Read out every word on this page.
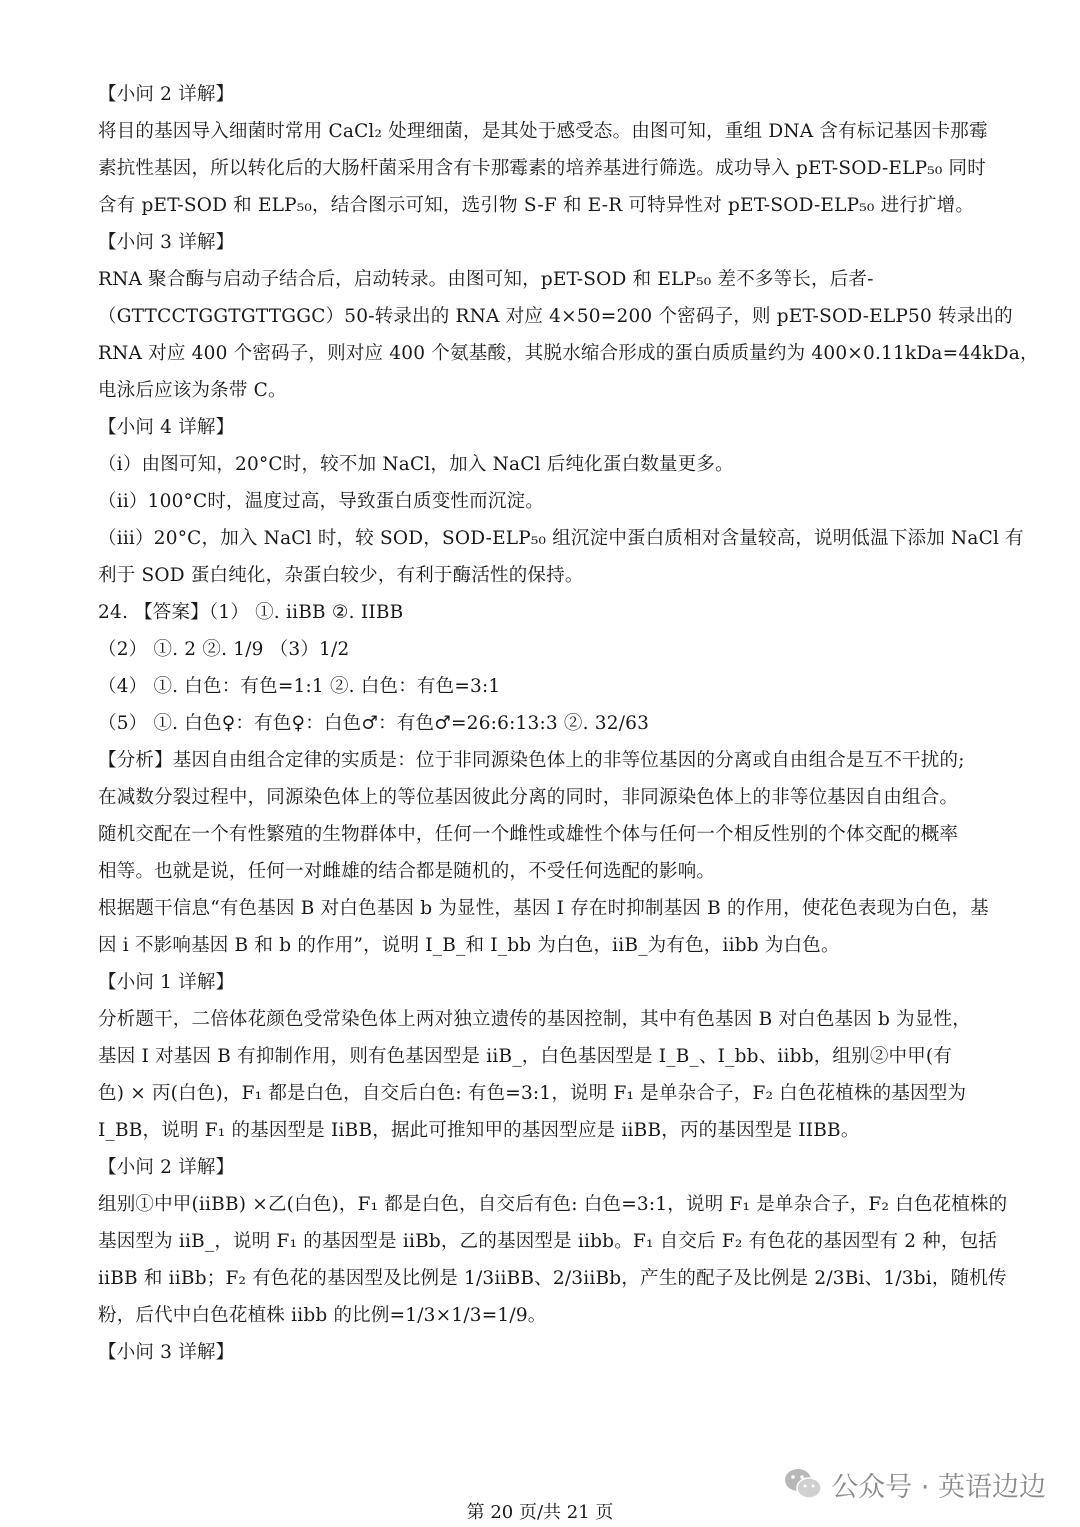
【小问 2 详解】
将目的基因导入细菌时常用 CaCl₂ 处理细菌，是其处于感受态。由图可知，重组 DNA 含有标记基因卡那霉
素抗性基因，所以转化后的大肠杆菌采用含有卡那霉素的培养基进行筛选。成功导入 pET-SOD-ELP₅₀ 同时
含有 pET-SOD 和 ELP₅₀，结合图示可知，选引物 S-F 和 E-R 可特异性对 pET-SOD-ELP₅₀ 进行扩增。
【小问 3 详解】
RNA 聚合酶与启动子结合后，启动转录。由图可知，pET-SOD 和 ELP₅₀ 差不多等长，后者-
（GTTCCTGGTGTTGGC）50-转录出的 RNA 对应 4×50=200 个密码子，则 pET-SOD-ELP50 转录出的
RNA 对应 400 个密码子，则对应 400 个氨基酸，其脱水缩合形成的蛋白质质量约为 400×0.11kDa=44kDa，
电泳后应该为条带 C。
【小问 4 详解】
（i）由图可知，20°C时，较不加 NaCl，加入 NaCl 后纯化蛋白数量更多。
（ii）100°C时，温度过高，导致蛋白质变性而沉淀。
（iii）20°C，加入 NaCl 时，较 SOD，SOD-ELP₅₀ 组沉淀中蛋白质相对含量较高，说明低温下添加 NaCl 有
利于 SOD 蛋白纯化，杂蛋白较少，有利于酶活性的保持。
24. 【答案】（1） ①. iiBB ②. IIBB
（2） ①. 2 ②. 1/9 （3）1/2
（4） ①. 白色：有色=1:1 ②. 白色：有色=3:1
（5） ①. 白色♀：有色♀：白色♂：有色♂=26:6:13:3 ②. 32/63
【分析】基因自由组合定律的实质是：位于非同源染色体上的非等位基因的分离或自由组合是互不干扰的;
在减数分裂过程中，同源染色体上的等位基因彼此分离的同时，非同源染色体上的非等位基因自由组合。
随机交配在一个有性繁殖的生物群体中，任何一个雌性或雄性个体与任何一个相反性别的个体交配的概率
相等。也就是说，任何一对雌雄的结合都是随机的，不受任何选配的影响。
根据题干信息“有色基因 B 对白色基因 b 为显性，基因 I 存在时抑制基因 B 的作用，使花色表现为白色，基
因 i 不影响基因 B 和 b 的作用”，说明 I_B_和 I_bb 为白色，iiB_为有色，iibb 为白色。
【小问 1 详解】
分析题干，二倍体花颜色受常染色体上两对独立遗传的基因控制，其中有色基因 B 对白色基因 b 为显性，
基因 I 对基因 B 有抑制作用，则有色基因型是 iiB_，白色基因型是 I_B_、I_bb、iibb，组别②中甲(有
色) × 丙(白色)，F₁ 都是白色，自交后白色: 有色=3:1，说明 F₁ 是单杂合子，F₂ 白色花植株的基因型为
I_BB，说明 F₁ 的基因型是 IiBB，据此可推知甲的基因型应是 iiBB，丙的基因型是 IIBB。
【小问 2 详解】
组别①中甲(iiBB) ×乙(白色)，F₁ 都是白色，自交后有色: 白色=3:1，说明 F₁ 是单杂合子，F₂ 白色花植株的
基因型为 iiB_，说明 F₁ 的基因型是 iiBb，乙的基因型是 iibb。F₁ 自交后 F₂ 有色花的基因型有 2 种，包括
iiBB 和 iiBb；F₂ 有色花的基因型及比例是 1/3iiBB、2/3iiBb，产生的配子及比例是 2/3Bi、1/3bi，随机传
粉，后代中白色花植株 iibb 的比例=1/3×1/3=1/9。
【小问 3 详解】
公众号 · 英语边边
第 20 页/共 21 页
